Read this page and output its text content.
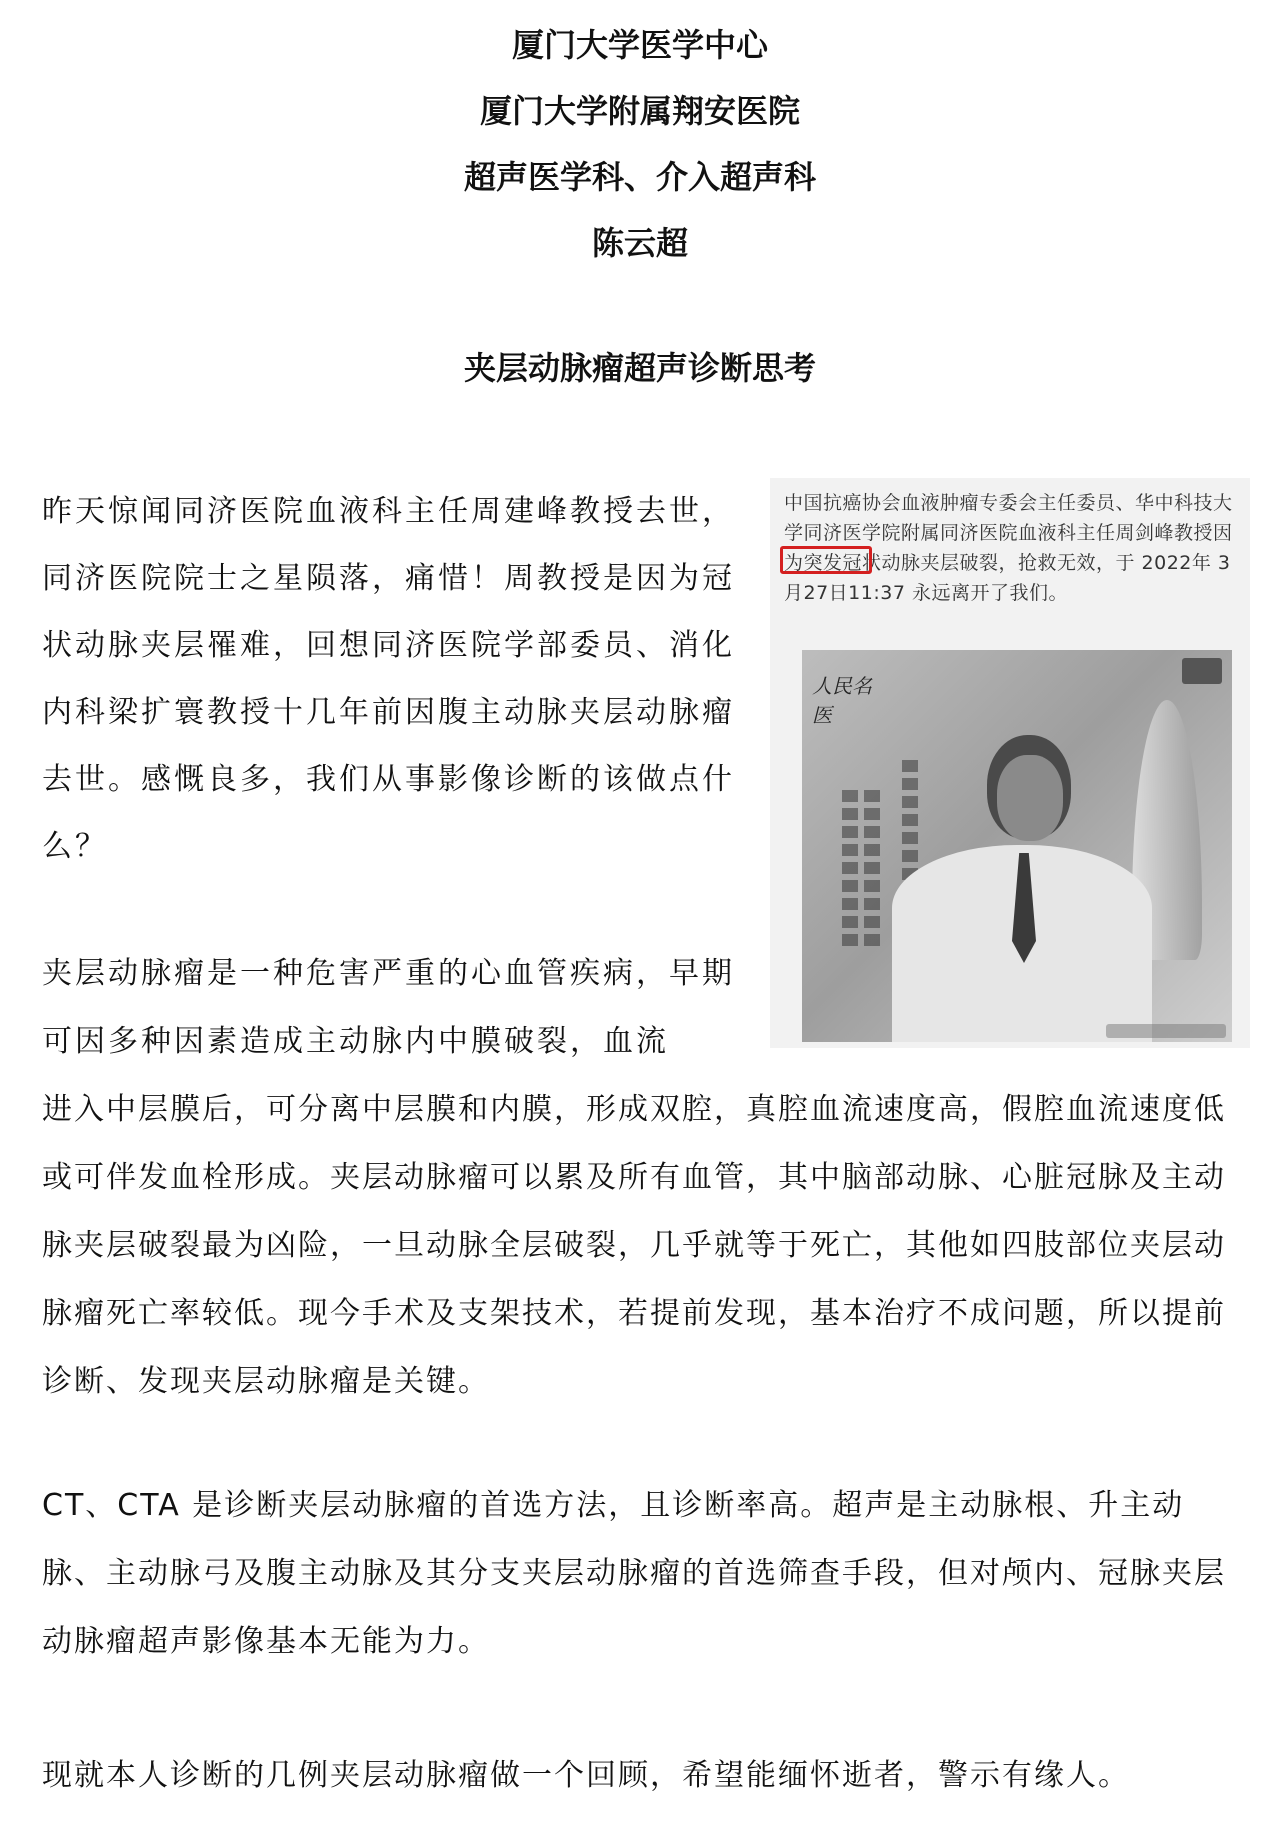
厦门大学医学中心
厦门大学附属翔安医院
超声医学科、介入超声科
陈云超
夹层动脉瘤超声诊断思考
昨天惊闻同济医院血液科主任周建峰教授去世，同济医院院士之星陨落，痛惜！周教授是因为冠状动脉夹层罹难，回想同济医院学部委员、消化内科梁扩寰教授十几年前因腹主动脉夹层动脉瘤去世。感慨良多，我们从事影像诊断的该做点什么？
中国抗癌协会血液肿瘤专委会主任委员、华中科技大学同济医学院附属同济医院血液科主任周剑峰教授因为突发冠状动脉夹层破裂，抢救无效，于 2022年 3月27日11:37 永远离开了我们。
人民名医
夹层动脉瘤是一种危害严重的心血管疾病，早期可因多种因素造成主动脉内中膜破裂，血流
进入中层膜后，可分离中层膜和内膜，形成双腔，真腔血流速度高，假腔血流速度低或可伴发血栓形成。夹层动脉瘤可以累及所有血管，其中脑部动脉、心脏冠脉及主动脉夹层破裂最为凶险，一旦动脉全层破裂，几乎就等于死亡，其他如四肢部位夹层动脉瘤死亡率较低。现今手术及支架技术，若提前发现，基本治疗不成问题，所以提前诊断、发现夹层动脉瘤是关键。
CT、CTA 是诊断夹层动脉瘤的首选方法，且诊断率高。超声是主动脉根、升主动脉、主动脉弓及腹主动脉及其分支夹层动脉瘤的首选筛查手段，但对颅内、冠脉夹层动脉瘤超声影像基本无能为力。
现就本人诊断的几例夹层动脉瘤做一个回顾，希望能缅怀逝者，警示有缘人。
